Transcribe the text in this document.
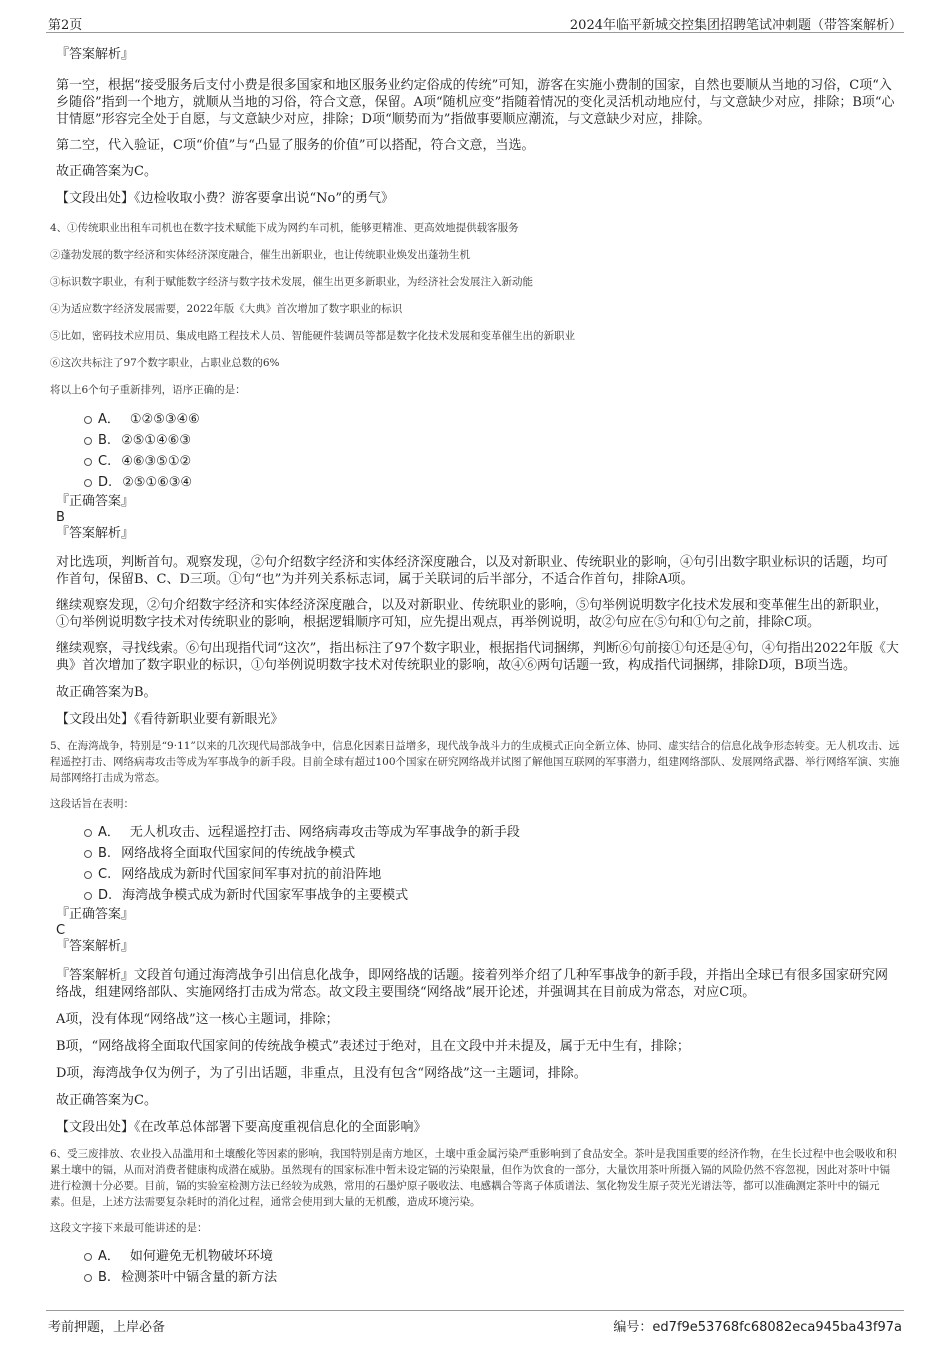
第2页	2024年临平新城交控集团招聘笔试冲刺题（带答案解析）

『答案解析』

第一空，根据“接受服务后支付小费是很多国家和地区服务业约定俗成的传统”可知，游客在实施小费制的国家，自然也要顺从当地的习俗，C项“入乡随俗”指到一个地方，就顺从当地的习俗，符合文意，保留。A项“随机应变”指随着情况的变化灵活机动地应付，与文意缺少对应，排除；B项“心甘情愿”形容完全处于自愿，与文意缺少对应，排除；D项“顺势而为”指做事要顺应潮流，与文意缺少对应，排除。

第二空，代入验证，C项“价值”与“凸显了服务的价值”可以搭配，符合文意，当选。

故正确答案为C。

【文段出处】《边检收取小费？游客要拿出说“No”的勇气》

4、①传统职业出租车司机也在数字技术赋能下成为网约车司机，能够更精准、更高效地提供载客服务

②蓬勃发展的数字经济和实体经济深度融合，催生出新职业，也让传统职业焕发出蓬勃生机

③标识数字职业，有利于赋能数字经济与数字技术发展，催生出更多新职业，为经济社会发展注入新动能

④为适应数字经济发展需要，2022年版《大典》首次增加了数字职业的标识

⑤比如，密码技术应用员、集成电路工程技术人员、智能硬件装调员等都是数字化技术发展和变革催生出的新职业

⑥这次共标注了97个数字职业，占职业总数的6%

将以上6个句子重新排列，语序正确的是：

A． ①②⑤③④⑥
B. ②⑤①④⑥③
C. ④⑥③⑤①②
D. ②⑤①⑥③④

『正确答案』

B

『答案解析』

对比选项，判断首句。观察发现，②句介绍数字经济和实体经济深度融合，以及对新职业、传统职业的影响，④句引出数字职业标识的话题，均可作首句，保留B、C、D三项。①句“也”为并列关系标志词，属于关联词的后半部分，不适合作首句，排除A项。

继续观察发现，②句介绍数字经济和实体经济深度融合，以及对新职业、传统职业的影响，⑤句举例说明数字化技术发展和变革催生出的新职业，①句举例说明数字技术对传统职业的影响，根据逻辑顺序可知，应先提出观点，再举例说明，故②句应在⑤句和①句之前，排除C项。

继续观察，寻找线索。⑥句出现指代词“这次”，指出标注了97个数字职业，根据指代词捆绑，判断⑥句前接①句还是④句，④句指出2022年版《大典》首次增加了数字职业的标识，①句举例说明数字技术对传统职业的影响，故④⑥两句话题一致，构成指代词捆绑，排除D项，B项当选。

故正确答案为B。

【文段出处】《看待新职业要有新眼光》

5、在海湾战争，特别是“9·11”以来的几次现代局部战争中，信息化因素日益增多，现代战争战斗力的生成模式正向全新立体、协同、虚实结合的信息化战争形态转变。无人机攻击、远程遥控打击、网络病毒攻击等成为军事战争的新手段。目前全球有超过100个国家在研究网络战并试图了解他国互联网的军事潜力，组建网络部队、发展网络武器、举行网络军演、实施局部网络打击成为常态。

这段话旨在表明：

A． 无人机攻击、远程遥控打击、网络病毒攻击等成为军事战争的新手段
B. 网络战将全面取代国家间的传统战争模式
C. 网络战成为新时代国家间军事对抗的前沿阵地
D. 海湾战争模式成为新时代国家军事战争的主要模式

『正确答案』

C

『答案解析』

『答案解析』文段首句通过海湾战争引出信息化战争，即网络战的话题。接着列举介绍了几种军事战争的新手段，并指出全球已有很多国家研究网络战，组建网络部队、实施网络打击成为常态。故文段主要围绕“网络战”展开论述，并强调其在目前成为常态，对应C项。

A项，没有体现“网络战”这一核心主题词，排除；

B项，“网络战将全面取代国家间的传统战争模式”表述过于绝对，且在文段中并未提及，属于无中生有，排除；

D项，海湾战争仅为例子，为了引出话题，非重点，且没有包含“网络战”这一主题词，排除。

故正确答案为C。

【文段出处】《在改革总体部署下要高度重视信息化的全面影响》

6、受三废排放、农业投入品滥用和土壤酸化等因素的影响，我国特别是南方地区，土壤中重金属污染严重影响到了食品安全。茶叶是我国重要的经济作物，在生长过程中也会吸收和积累土壤中的镉，从而对消费者健康构成潜在威胁。虽然现有的国家标准中暂未设定镉的污染限量，但作为饮食的一部分，大量饮用茶叶所摄入镉的风险仍然不容忽视，因此对茶叶中镉进行检测十分必要。目前，镉的实验室检测方法已经较为成熟，常用的石墨炉原子吸收法、电感耦合等离子体质谱法、氢化物发生原子荧光光谱法等，都可以准确测定茶叶中的镉元素。但是，上述方法需要复杂耗时的消化过程，通常会使用到大量的无机酸，造成环境污染。

这段文字接下来最可能讲述的是：

A． 如何避免无机物破坏环境
B. 检测茶叶中镉含量的新方法
考前押题，上岸必备	编号：ed7f9e53768fc68082eca945ba43f97a
